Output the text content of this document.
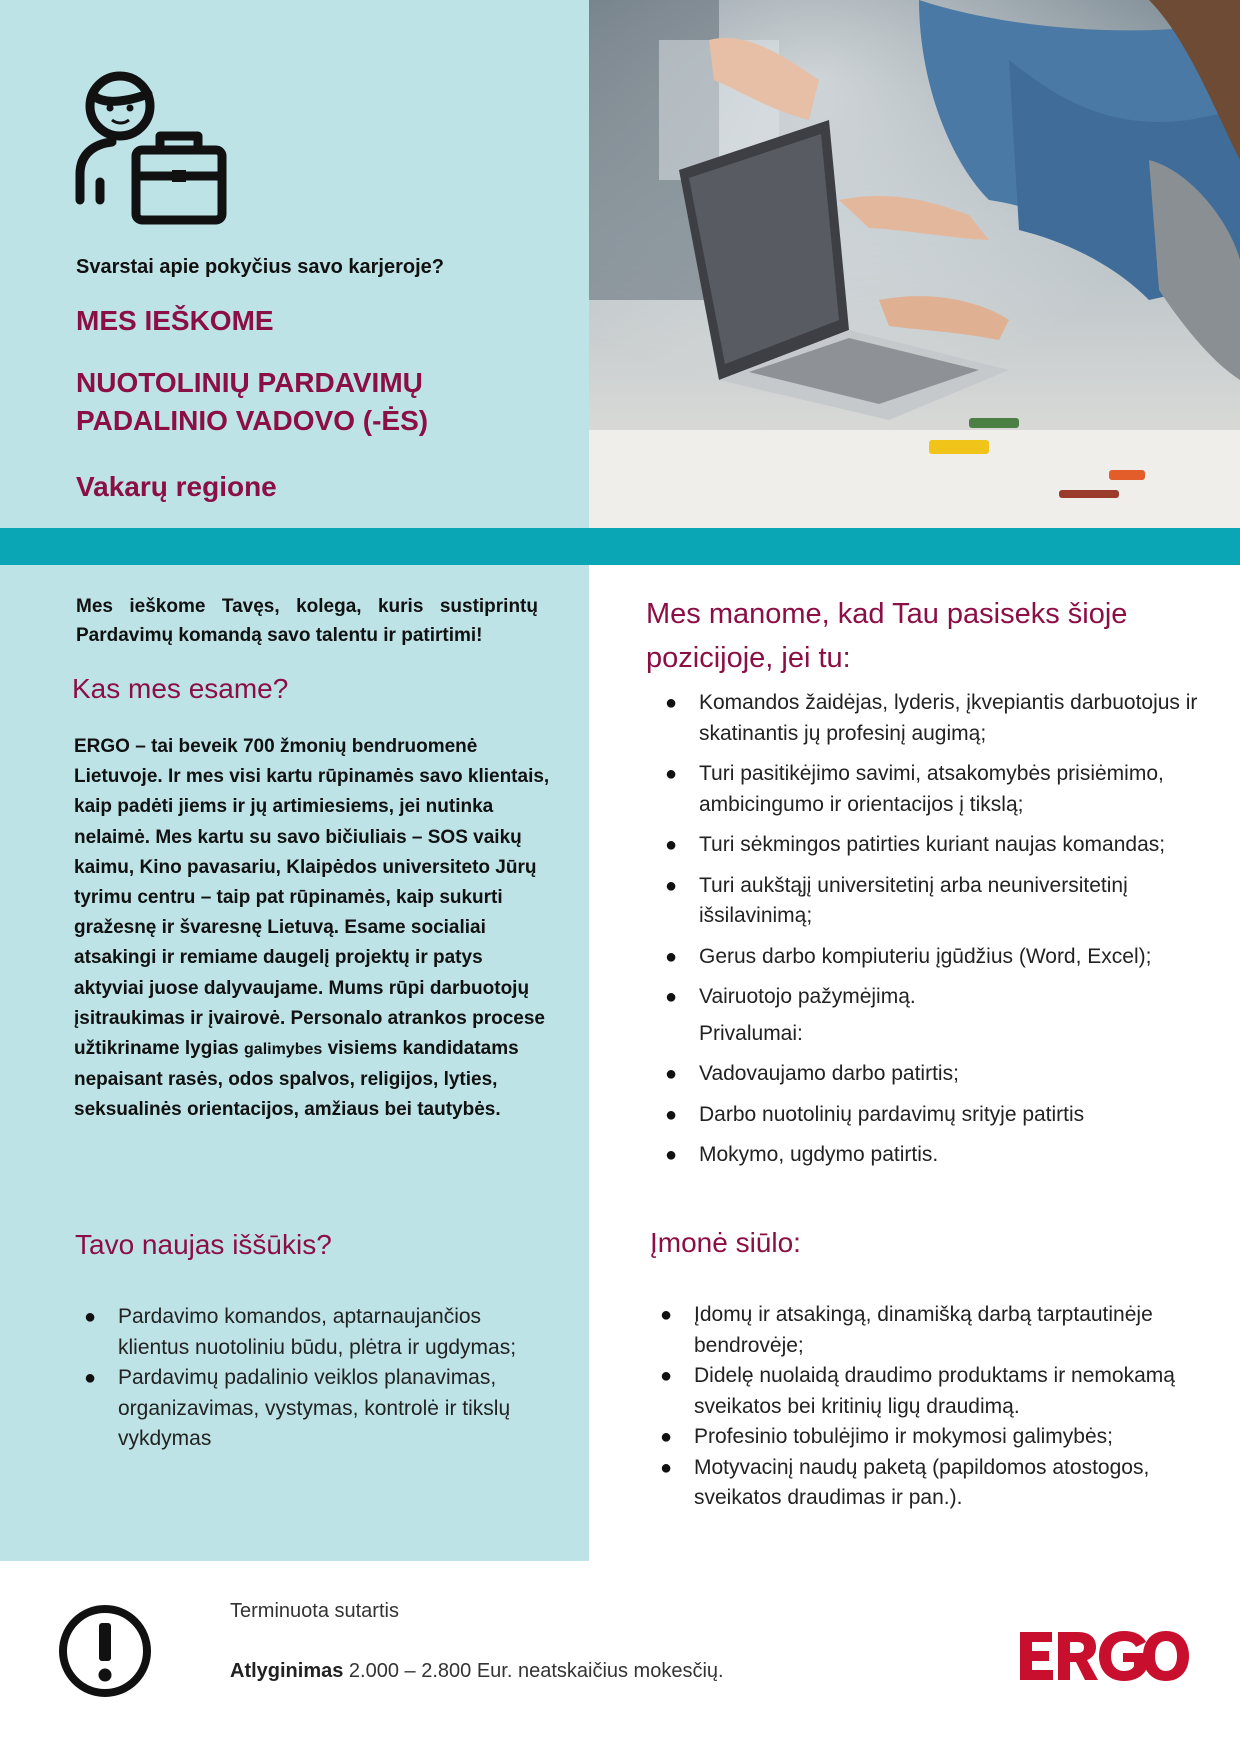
Svarstai apie pokyčius savo karjeroje?
MES IEŠKOME
NUOTOLINIŲ PARDAVIMŲ PADALINIO VADOVO (-ĖS)
Vakarų regione
Mes ieškome Tavęs, kolega, kuris sustiprintų Pardavimų komandą savo talentu ir patirtimi!
Kas mes esame?
ERGO – tai beveik 700 žmonių bendruomenė Lietuvoje. Ir mes visi kartu rūpinamės savo klientais, kaip padėti jiems ir jų artimiesiems, jei nutinka nelaimė. Mes kartu su savo bičiuliais – SOS vaikų kaimu, Kino pavasariu, Klaipėdos universiteto Jūrų tyrimu centru – taip pat rūpinamės, kaip sukurti gražesnę ir švaresnę Lietuvą. Esame socialiai atsakingi ir remiame daugelį projektų ir patys aktyviai juose dalyvaujame. Mums rūpi darbuotojų įsitraukimas ir įvairovė. Personalo atrankos procese užtikriname lygias galimybes visiems kandidatams nepaisant rasės, odos spalvos, religijos, lyties, seksualinės orientacijos, amžiaus bei tautybės.
Tavo naujas iššūkis?
● Pardavimo komandos, aptarnaujančios klientus nuotoliniu būdu, plėtra ir ugdymas;
● Pardavimų padalinio veiklos planavimas, organizavimas, vystymas, kontrolė ir tikslų vykdymas
Mes manome, kad Tau pasiseks šioje pozicijoje, jei tu:
● Komandos žaidėjas, lyderis, įkvepiantis darbuotojus ir skatinantis jų profesinį augimą;
● Turi pasitikėjimo savimi, atsakomybės prisiėmimo, ambicingumo ir orientacijos į tikslą;
● Turi sėkmingos patirties kuriant naujas komandas;
● Turi aukštąjį universitetinį arba neuniversitetinį išsilavinimą;
● Gerus darbo kompiuteriu įgūdžius (Word, Excel);
● Vairuotojo pažymėjimą.
Privalumai:
● Vadovaujamo darbo patirtis;
● Darbo nuotolinių pardavimų srityje patirtis
● Mokymo, ugdymo patirtis.
Įmonė siūlo:
● Įdomų ir atsakingą, dinamišką darbą tarptautinėje bendrovėje;
● Didelę nuolaidą draudimo produktams ir nemokamą sveikatos bei kritinių ligų draudimą.
● Profesinio tobulėjimo ir mokymosi galimybės;
● Motyvacinį naudų paketą (papildomos atostogos, sveikatos draudimas ir pan.).
Terminuota sutartis
Atlyginimas 2.000 – 2.800 Eur. neatskaičius mokesčių.
